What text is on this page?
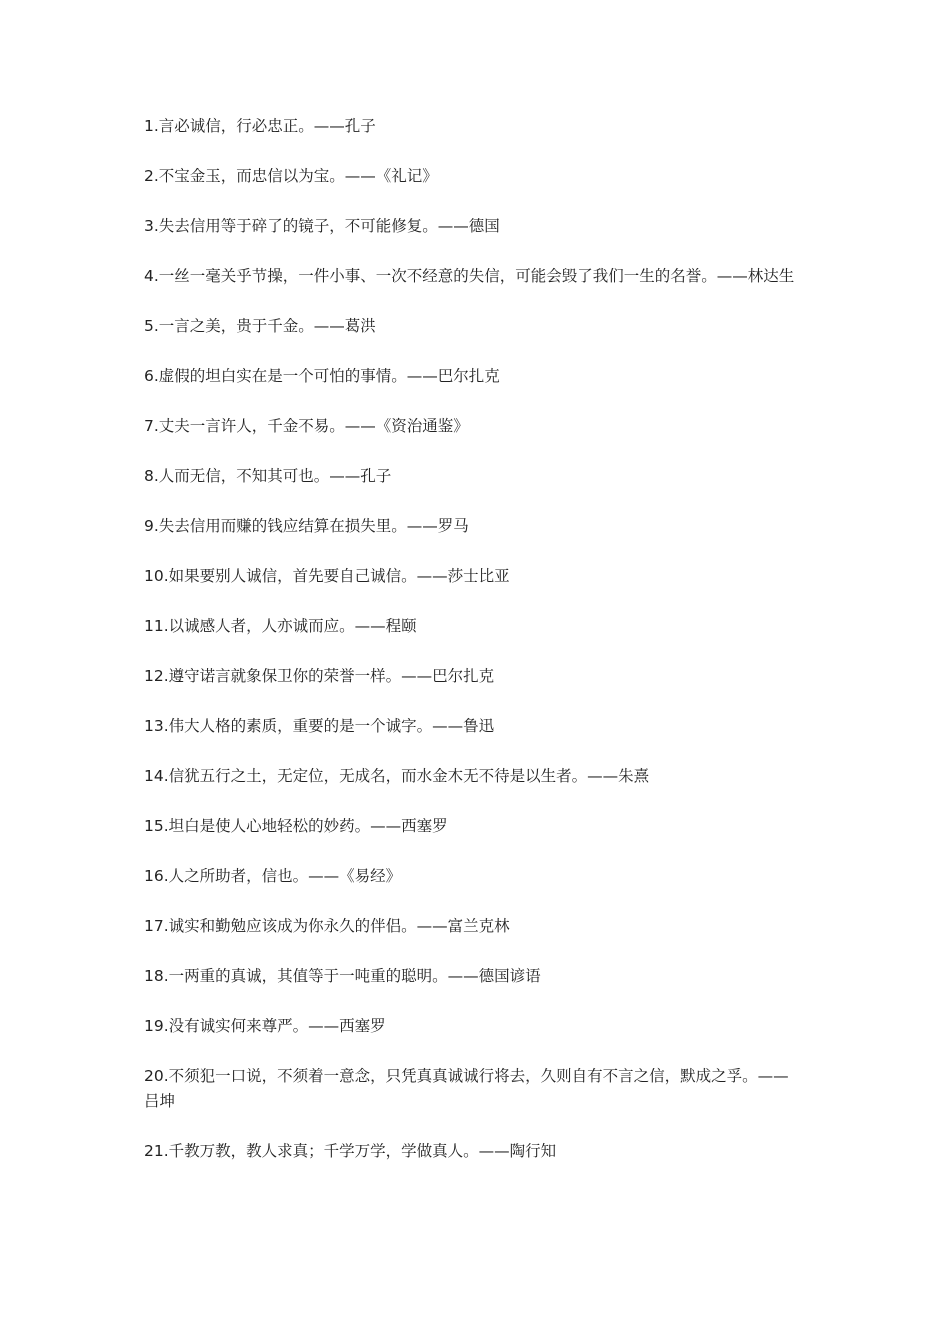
1.言必诚信，行必忠正。——孔子

2.不宝金玉，而忠信以为宝。——《礼记》

3.失去信用等于碎了的镜子，不可能修复。——德国

4.一丝一毫关乎节操，一件小事、一次不经意的失信，可能会毁了我们一生的名誉。——林达生

5.一言之美，贵于千金。——葛洪

6.虚假的坦白实在是一个可怕的事情。——巴尔扎克

7.丈夫一言许人，千金不易。——《资治通鉴》

8.人而无信，不知其可也。——孔子

9.失去信用而赚的钱应结算在损失里。——罗马

10.如果要别人诚信，首先要自己诚信。——莎士比亚

11.以诚感人者，人亦诚而应。——程颐

12.遵守诺言就象保卫你的荣誉一样。——巴尔扎克

13.伟大人格的素质，重要的是一个诚字。——鲁迅

14.信犹五行之土，无定位，无成名，而水金木无不待是以生者。——朱熹

15.坦白是使人心地轻松的妙药。——西塞罗

16.人之所助者，信也。——《易经》

17.诚实和勤勉应该成为你永久的伴侣。——富兰克林

18.一两重的真诚，其值等于一吨重的聪明。——德国谚语

19.没有诚实何来尊严。——西塞罗

20.不须犯一口说，不须着一意念，只凭真真诚诚行将去，久则自有不言之信，默成之孚。——吕坤

21.千教万教，教人求真；千学万学，学做真人。——陶行知
